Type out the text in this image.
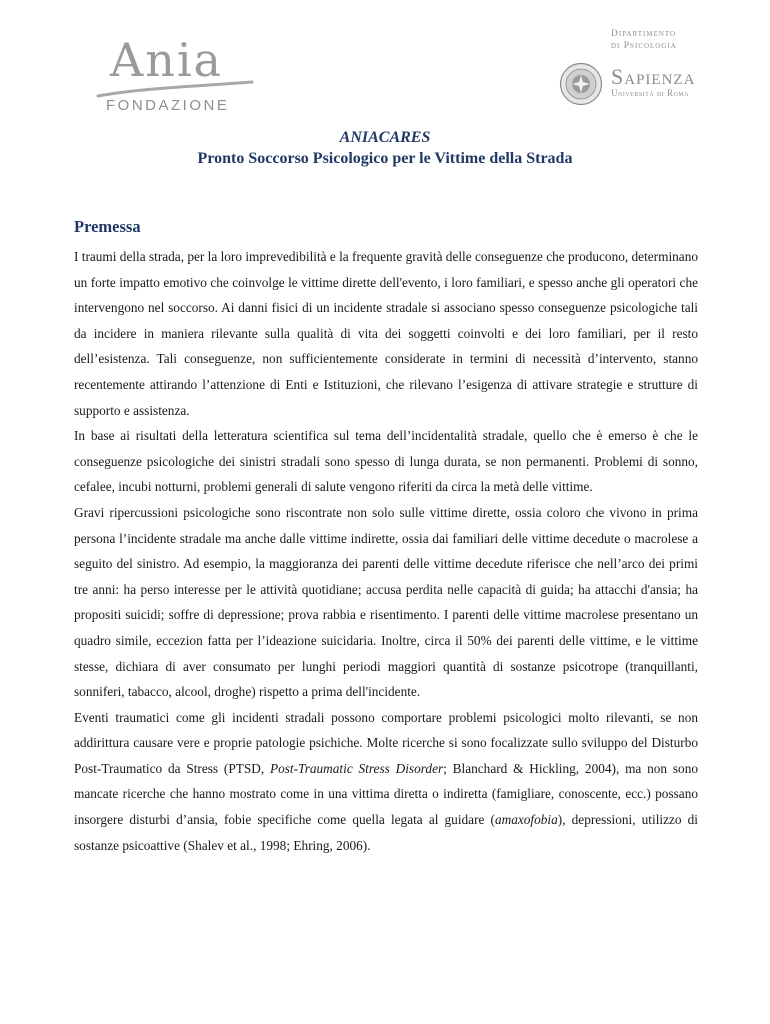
Ania
FONDAZIONE
Dipartimento
di Psicologia
Sapienza
Università di Roma
ANIACARES
Pronto Soccorso Psicologico per le Vittime della Strada
Premessa

I traumi della strada, per la loro imprevedibilità e la frequente gravità delle conseguenze che producono, determinano un forte impatto emotivo che coinvolge le vittime dirette dell'evento, i loro familiari, e spesso anche gli operatori che intervengono nel soccorso. Ai danni fisici di un incidente stradale si associano spesso conseguenze psicologiche tali da incidere in maniera rilevante sulla qualità di vita dei soggetti coinvolti e dei loro familiari, per il resto dell’esistenza. Tali conseguenze, non sufficientemente considerate in termini di necessità d’intervento, stanno recentemente attirando l’attenzione di Enti e Istituzioni, che rilevano l’esigenza di attivare strategie e strutture di supporto e assistenza.

In base ai risultati della letteratura scientifica sul tema dell’incidentalità stradale, quello che è emerso è che le conseguenze psicologiche dei sinistri stradali sono spesso di lunga durata, se non permanenti. Problemi di sonno, cefalee, incubi notturni, problemi generali di salute vengono riferiti da circa la metà delle vittime.

Gravi ripercussioni psicologiche sono riscontrate non solo sulle vittime dirette, ossia coloro che vivono in prima persona l’incidente stradale ma anche dalle vittime indirette, ossia dai familiari delle vittime decedute o macrolese a seguito del sinistro. Ad esempio, la maggioranza dei parenti delle vittime decedute riferisce che nell’arco dei primi tre anni: ha perso interesse per le attività quotidiane; accusa perdita nelle capacità di guida; ha attacchi d'ansia; ha propositi suicidi; soffre di depressione; prova rabbia e risentimento. I parenti delle vittime macrolese presentano un quadro simile, eccezion fatta per l’ideazione suicidaria. Inoltre, circa il 50% dei parenti delle vittime, e le vittime stesse, dichiara di aver consumato per lunghi periodi maggiori quantità di sostanze psicotrope (tranquillanti, sonniferi, tabacco, alcool, droghe) rispetto a prima dell'incidente.

Eventi traumatici come gli incidenti stradali possono comportare problemi psicologici molto rilevanti, se non addirittura causare vere e proprie patologie psichiche. Molte ricerche si sono focalizzate sullo sviluppo del Disturbo Post-Traumatico da Stress (PTSD, Post-Traumatic Stress Disorder; Blanchard & Hickling, 2004), ma non sono mancate ricerche che hanno mostrato come in una vittima diretta o indiretta (famigliare, conoscente, ecc.) possano insorgere disturbi d’ansia, fobie specifiche come quella legata al guidare (amaxofobia), depressioni, utilizzo di sostanze psicoattive (Shalev et al., 1998; Ehring, 2006).
